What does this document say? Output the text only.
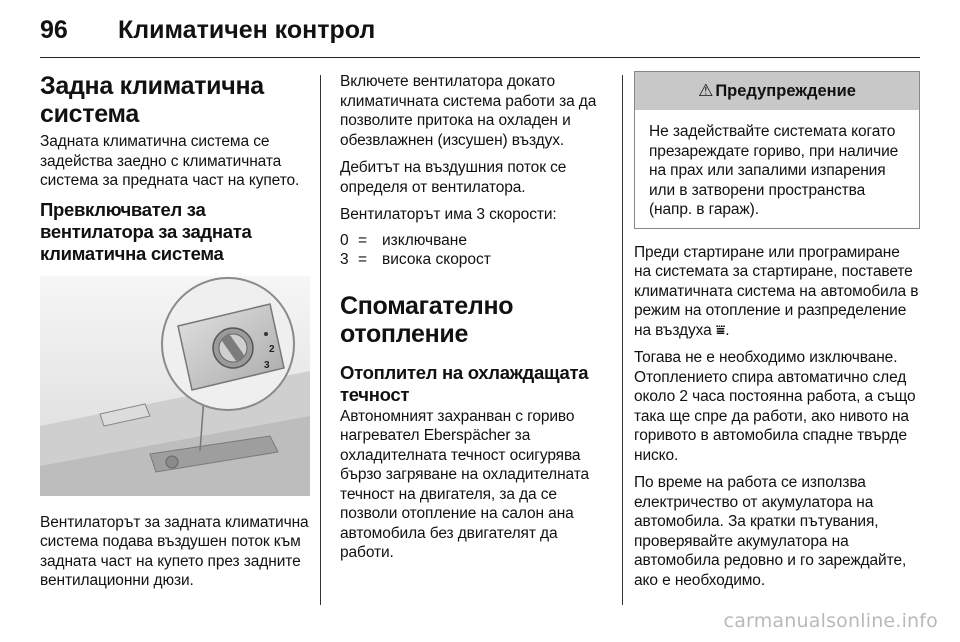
96	Климатичен контрол
Задна климатична система

Задната климатична система се задейства заедно с климатичната система за предната част на купето.

Превключвател за вентилатора за задната климатична система
2
3

Вентилаторът за задната климатична система подава въздушен поток към задната част на купето през задните вентилационни дюзи.

Включете вентилатора докато климатичната система работи за да позволите притока на охладен и обезвлажнен (изсушен) въздух.

Дебитът на въздушния поток се определя от вентилатора.

Вентилаторът има 3 скорости:

0 = изключване
3 = висока скорост
Спомагателно отопление
Отоплител на охлаждащата течност

Автономният захранван с гориво нагревател Eberspächer за охладителната течност осигурява бързо загряване на охладителната течност на двигателя, за да се позволи отопление на салон ана автомобила без двигателят да работи.

⚠ Предупреждение

Не задействайте системата когато презареждате гориво, при наличие на прах или запалими изпарения или в затворени пространства (напр. в гараж).

Преди стартиране или програмиране на системата за стартиране, поставете климатичната система на автомобила в режим на отопление и разпределение на въздуха ⩸.

Тогава не е необходимо изключване. Отоплението спира автоматично след около 2 часа постоянна работа, а също така ще спре да работи, ако нивото на горивото в автомобила спадне твърде ниско.

По време на работа се използва електричество от акумулатора на автомобила. За кратки пътувания, проверявайте акумулатора на автомобила редовно и го зареждайте, ако е необходимо.

carmanualsonline.info
